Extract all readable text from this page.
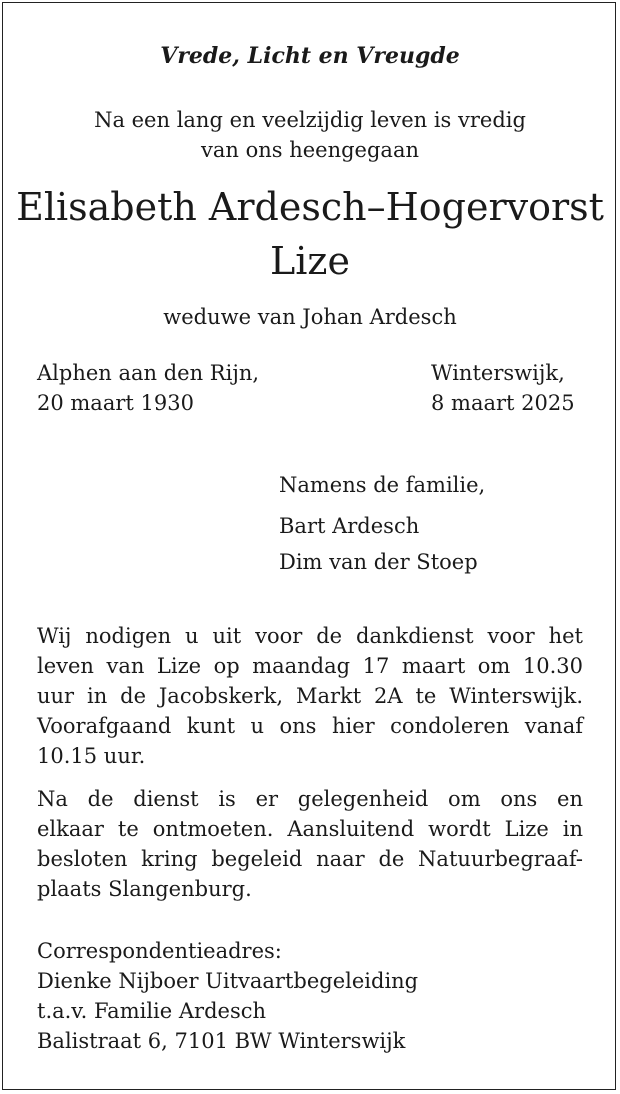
Vrede, Licht en Vreugde
Na een lang en veelzijdig leven is vredig
van ons heengegaan
Elisabeth Ardesch–Hogervorst
Lize
weduwe van Johan Ardesch
Alphen aan den Rijn,
20 maart 1930
Winterswijk,
8 maart 2025
Namens de familie,
Bart Ardesch
Dim van der Stoep
Wij nodigen u uit voor de dankdienst voor het
leven van Lize op maandag 17 maart om 10.30
uur in de Jacobskerk, Markt 2A te Winterswijk.
Voorafgaand kunt u ons hier condoleren vanaf
10.15 uur.
Na de dienst is er gelegenheid om ons en
elkaar te ontmoeten. Aansluitend wordt Lize in
besloten kring begeleid naar de Natuurbegraaf-
plaats Slangenburg.
Correspondentieadres:
Dienke Nijboer Uitvaartbegeleiding
t.a.v. Familie Ardesch
Balistraat 6, 7101 BW Winterswijk
